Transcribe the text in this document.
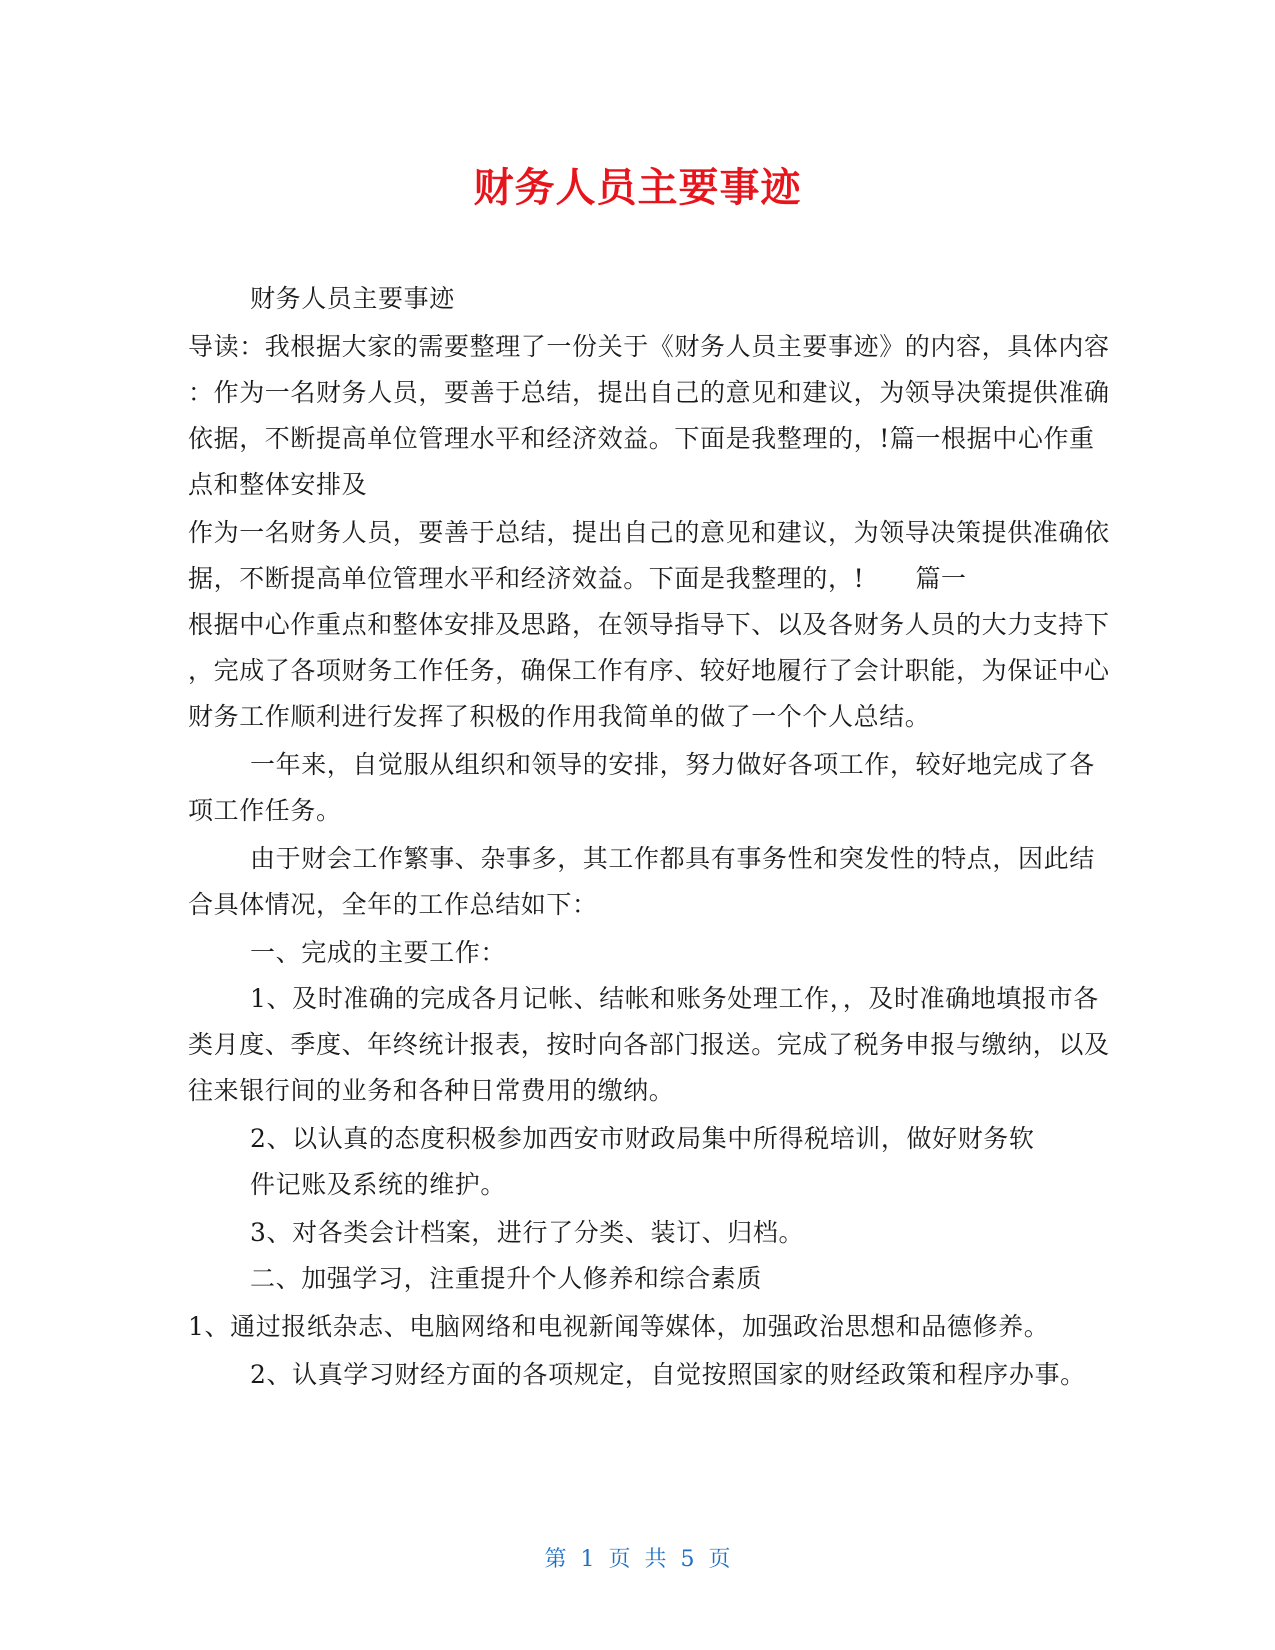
财务人员主要事迹
财务人员主要事迹
导读：我根据大家的需要整理了一份关于《财务人员主要事迹》的内容，具体内容
：作为一名财务人员，要善于总结，提出自己的意见和建议，为领导决策提供准确
依据，不断提高单位管理水平和经济效益。下面是我整理的，!篇一根据中心作重
点和整体安排及
作为一名财务人员，要善于总结，提出自己的意见和建议，为领导决策提供准确依
据，不断提高单位管理水平和经济效益。下面是我整理的，!　　篇一
根据中心作重点和整体安排及思路，在领导指导下、以及各财务人员的大力支持下
，完成了各项财务工作任务，确保工作有序、较好地履行了会计职能，为保证中心
财务工作顺利进行发挥了积极的作用我简单的做了一个个人总结。
一年来，自觉服从组织和领导的安排，努力做好各项工作，较好地完成了各
项工作任务。
由于财会工作繁事、杂事多，其工作都具有事务性和突发性的特点，因此结
合具体情况，全年的工作总结如下：
一、完成的主要工作：
1、及时准确的完成各月记帐、结帐和账务处理工作，，及时准确地填报市各
类月度、季度、年终统计报表，按时向各部门报送。完成了税务申报与缴纳，以及
往来银行间的业务和各种日常费用的缴纳。
2、以认真的态度积极参加西安市财政局集中所得税培训，做好财务软
件记账及系统的维护。
3、对各类会计档案，进行了分类、装订、归档。
二、加强学习，注重提升个人修养和综合素质
1、通过报纸杂志、电脑网络和电视新闻等媒体，加强政治思想和品德修养。
2、认真学习财经方面的各项规定，自觉按照国家的财经政策和程序办事。
第  1  页  共  5  页
